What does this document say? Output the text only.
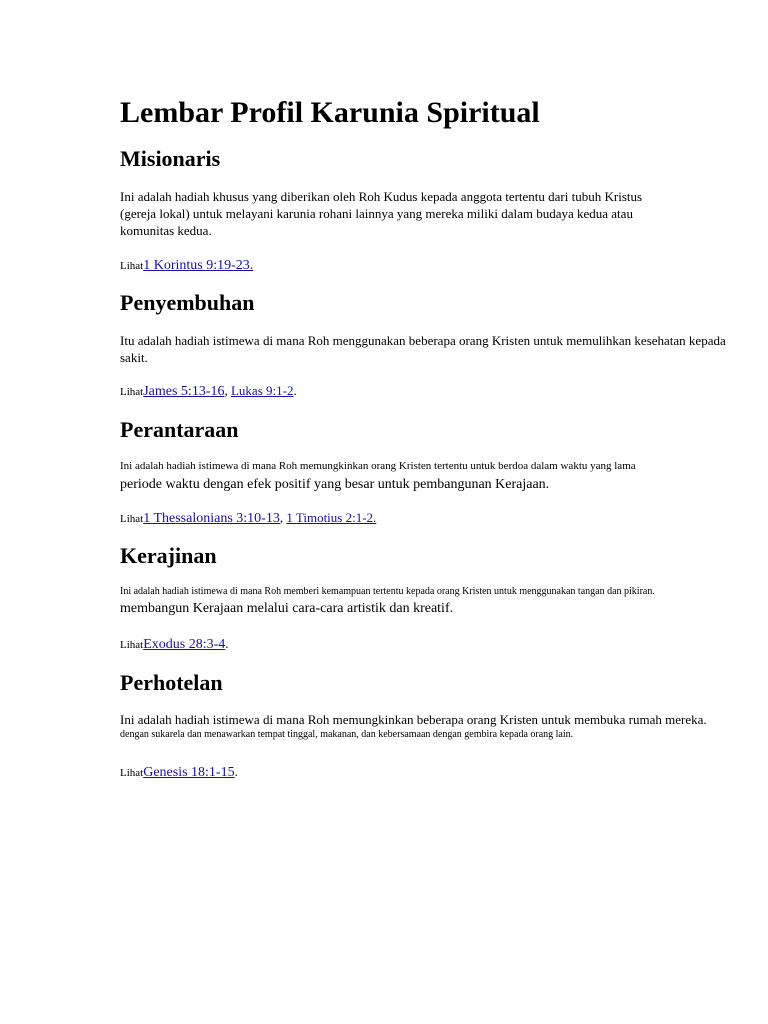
Lembar Profil Karunia Spiritual
Misionaris

Ini adalah hadiah khusus yang diberikan oleh Roh Kudus kepada anggota tertentu dari tubuh Kristus
(gereja lokal) untuk melayani karunia rohani lainnya yang mereka miliki dalam budaya kedua atau
komunitas kedua.

Lihat1 Korintus 9:19-23.
Penyembuhan

Itu adalah hadiah istimewa di mana Roh menggunakan beberapa orang Kristen untuk memulihkan kesehatan kepada
sakit.

LihatJames 5:13-16, Lukas 9:1-2.
Perantaraan

Ini adalah hadiah istimewa di mana Roh memungkinkan orang Kristen tertentu untuk berdoa dalam waktu yang lama
periode waktu dengan efek positif yang besar untuk pembangunan Kerajaan.

Lihat1 Thessalonians 3:10-13, 1 Timotius 2:1-2.
Kerajinan

Ini adalah hadiah istimewa di mana Roh memberi kemampuan tertentu kepada orang Kristen untuk menggunakan tangan dan pikiran.
membangun Kerajaan melalui cara-cara artistik dan kreatif.

LihatExodus 28:3-4.
Perhotelan

Ini adalah hadiah istimewa di mana Roh memungkinkan beberapa orang Kristen untuk membuka rumah mereka.
dengan sukarela dan menawarkan tempat tinggal, makanan, dan kebersamaan dengan gembira kepada orang lain.

LihatGenesis 18:1-15.
